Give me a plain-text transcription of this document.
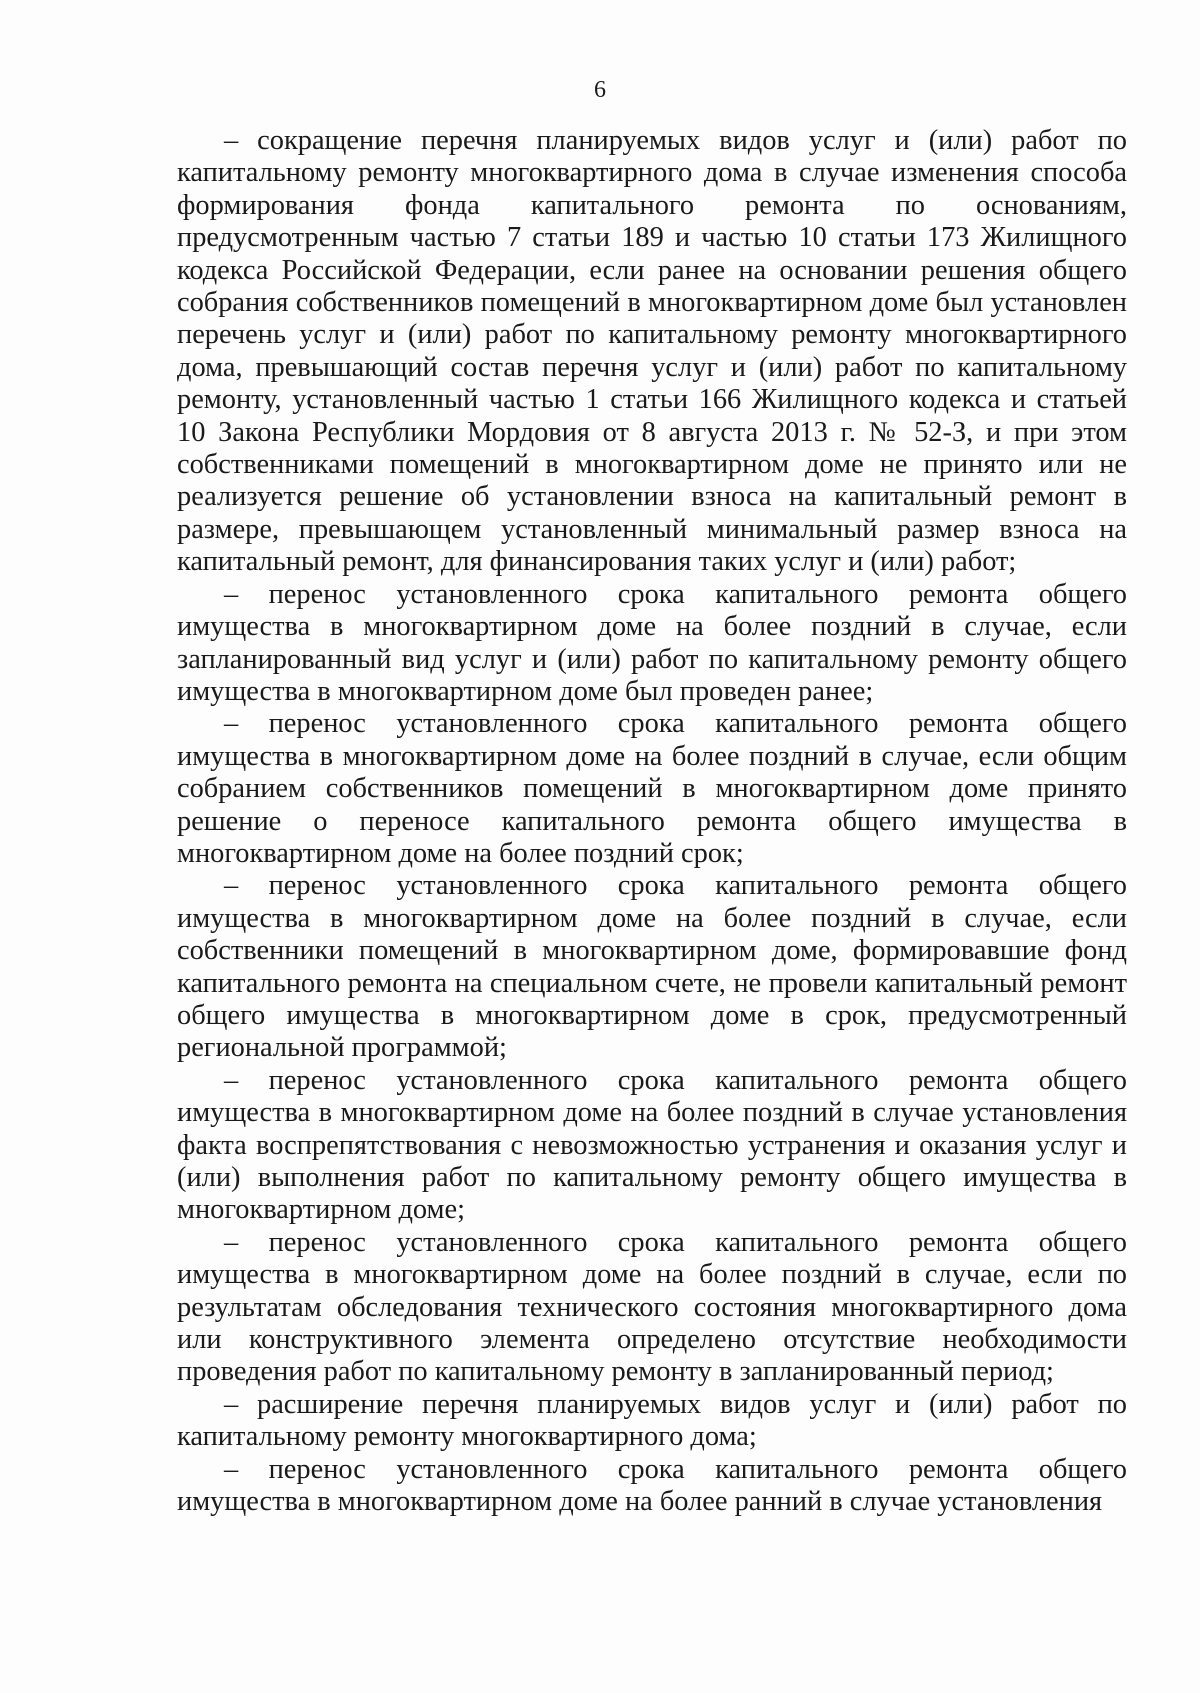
6

– сокращение перечня планируемых видов услуг и (или) работ по капитальному ремонту многоквартирного дома в случае изменения способа формирования фонда капитального ремонта по основаниям, предусмотренным частью 7 статьи 189 и частью 10 статьи 173 Жилищного кодекса Российской Федерации, если ранее на основании решения общего собрания собственников помещений в многоквартирном доме был установлен перечень услуг и (или) работ по капитальному ремонту многоквартирного дома, превышающий состав перечня услуг и (или) работ по капитальному ремонту, установленный частью 1 статьи 166 Жилищного кодекса и статьей 10 Закона Республики Мордовия от 8 августа 2013 г. № 52-З, и при этом собственниками помещений в многоквартирном доме не принято или не реализуется решение об установлении взноса на капитальный ремонт в размере, превышающем установленный минимальный размер взноса на капитальный ремонт, для финансирования таких услуг и (или) работ;

– перенос установленного срока капитального ремонта общего имущества в многоквартирном доме на более поздний в случае, если запланированный вид услуг и (или) работ по капитальному ремонту общего имущества в многоквартирном доме был проведен ранее;

– перенос установленного срока капитального ремонта общего имущества в многоквартирном доме на более поздний в случае, если общим собранием собственников помещений в многоквартирном доме принято решение о переносе капитального ремонта общего имущества в многоквартирном доме на более поздний срок;

– перенос установленного срока капитального ремонта общего имущества в многоквартирном доме на более поздний в случае, если собственники помещений в многоквартирном доме, формировавшие фонд капитального ремонта на специальном счете, не провели капитальный ремонт общего имущества в многоквартирном доме в срок, предусмотренный региональной программой;

– перенос установленного срока капитального ремонта общего имущества в многоквартирном доме на более поздний в случае установления факта воспрепятствования с невозможностью устранения и оказания услуг и (или) выполнения работ по капитальному ремонту общего имущества в многоквартирном доме;

– перенос установленного срока капитального ремонта общего имущества в многоквартирном доме на более поздний в случае, если по результатам обследования технического состояния многоквартирного дома или конструктивного элемента определено отсутствие необходимости проведения работ по капитальному ремонту в запланированный период;

– расширение перечня планируемых видов услуг и (или) работ по капитальному ремонту многоквартирного дома;

– перенос установленного срока капитального ремонта общего имущества в многоквартирном доме на более ранний в случае установления
